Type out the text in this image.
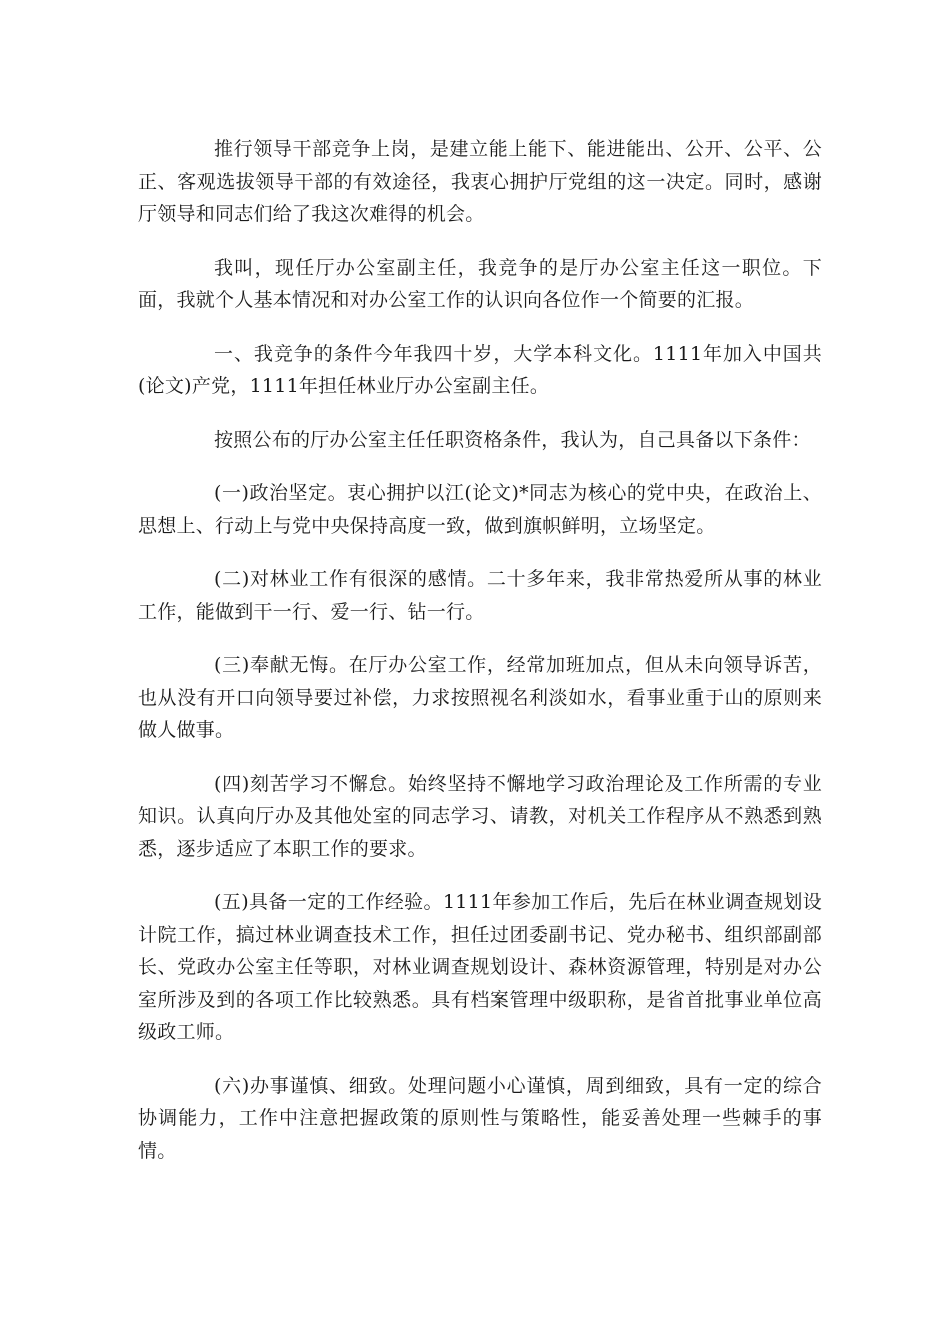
推行领导干部竞争上岗，是建立能上能下、能进能出、公开、公平、公正、客观选拔领导干部的有效途径，我衷心拥护厅党组的这一决定。同时，感谢厅领导和同志们给了我这次难得的机会。

我叫，现任厅办公室副主任，我竞争的是厅办公室主任这一职位。下面，我就个人基本情况和对办公室工作的认识向各位作一个简要的汇报。

一、我竞争的条件今年我四十岁，大学本科文化。1111年加入中国共(论文)产党，1111年担任林业厅办公室副主任。

按照公布的厅办公室主任任职资格条件，我认为，自己具备以下条件：

(一)政治坚定。衷心拥护以江(论文)*同志为核心的党中央，在政治上、思想上、行动上与党中央保持高度一致，做到旗帜鲜明，立场坚定。

(二)对林业工作有很深的感情。二十多年来，我非常热爱所从事的林业工作，能做到干一行、爱一行、钻一行。

(三)奉献无悔。在厅办公室工作，经常加班加点，但从未向领导诉苦，也从没有开口向领导要过补偿，力求按照视名利淡如水，看事业重于山的原则来做人做事。

(四)刻苦学习不懈怠。始终坚持不懈地学习政治理论及工作所需的专业知识。认真向厅办及其他处室的同志学习、请教，对机关工作程序从不熟悉到熟悉，逐步适应了本职工作的要求。

(五)具备一定的工作经验。1111年参加工作后，先后在林业调查规划设计院工作，搞过林业调查技术工作，担任过团委副书记、党办秘书、组织部副部长、党政办公室主任等职，对林业调查规划设计、森林资源管理，特别是对办公室所涉及到的各项工作比较熟悉。具有档案管理中级职称，是省首批事业单位高级政工师。

(六)办事谨慎、细致。处理问题小心谨慎，周到细致，具有一定的综合协调能力，工作中注意把握政策的原则性与策略性，能妥善处理一些棘手的事情。
